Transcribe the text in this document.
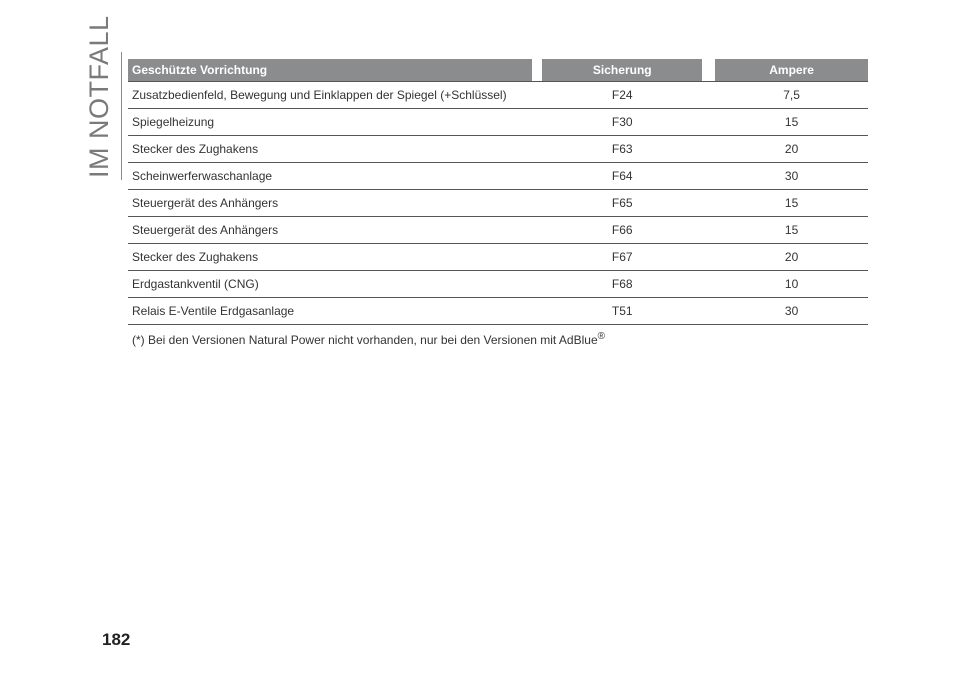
IM NOTFALL	Geschützte Vorrichtung	Sicherung	Ampere
Zusatzbedienfeld, Bewegung und Einklappen der Spiegel (+Schlüssel)	F24	7,5
Spiegelheizung	F30	15
Stecker des Zughakens	F63	20
Scheinwerferwaschanlage	F64	30
Steuergerät des Anhängers	F65	15
Steuergerät des Anhängers	F66	15
Stecker des Zughakens	F67	20
Erdgastankventil (CNG)	F68	10
Relais E-Ventile Erdgasanlage	T51	30
(*) Bei den Versionen Natural Power nicht vorhanden, nur bei den Versionen mit AdBlue®
182
